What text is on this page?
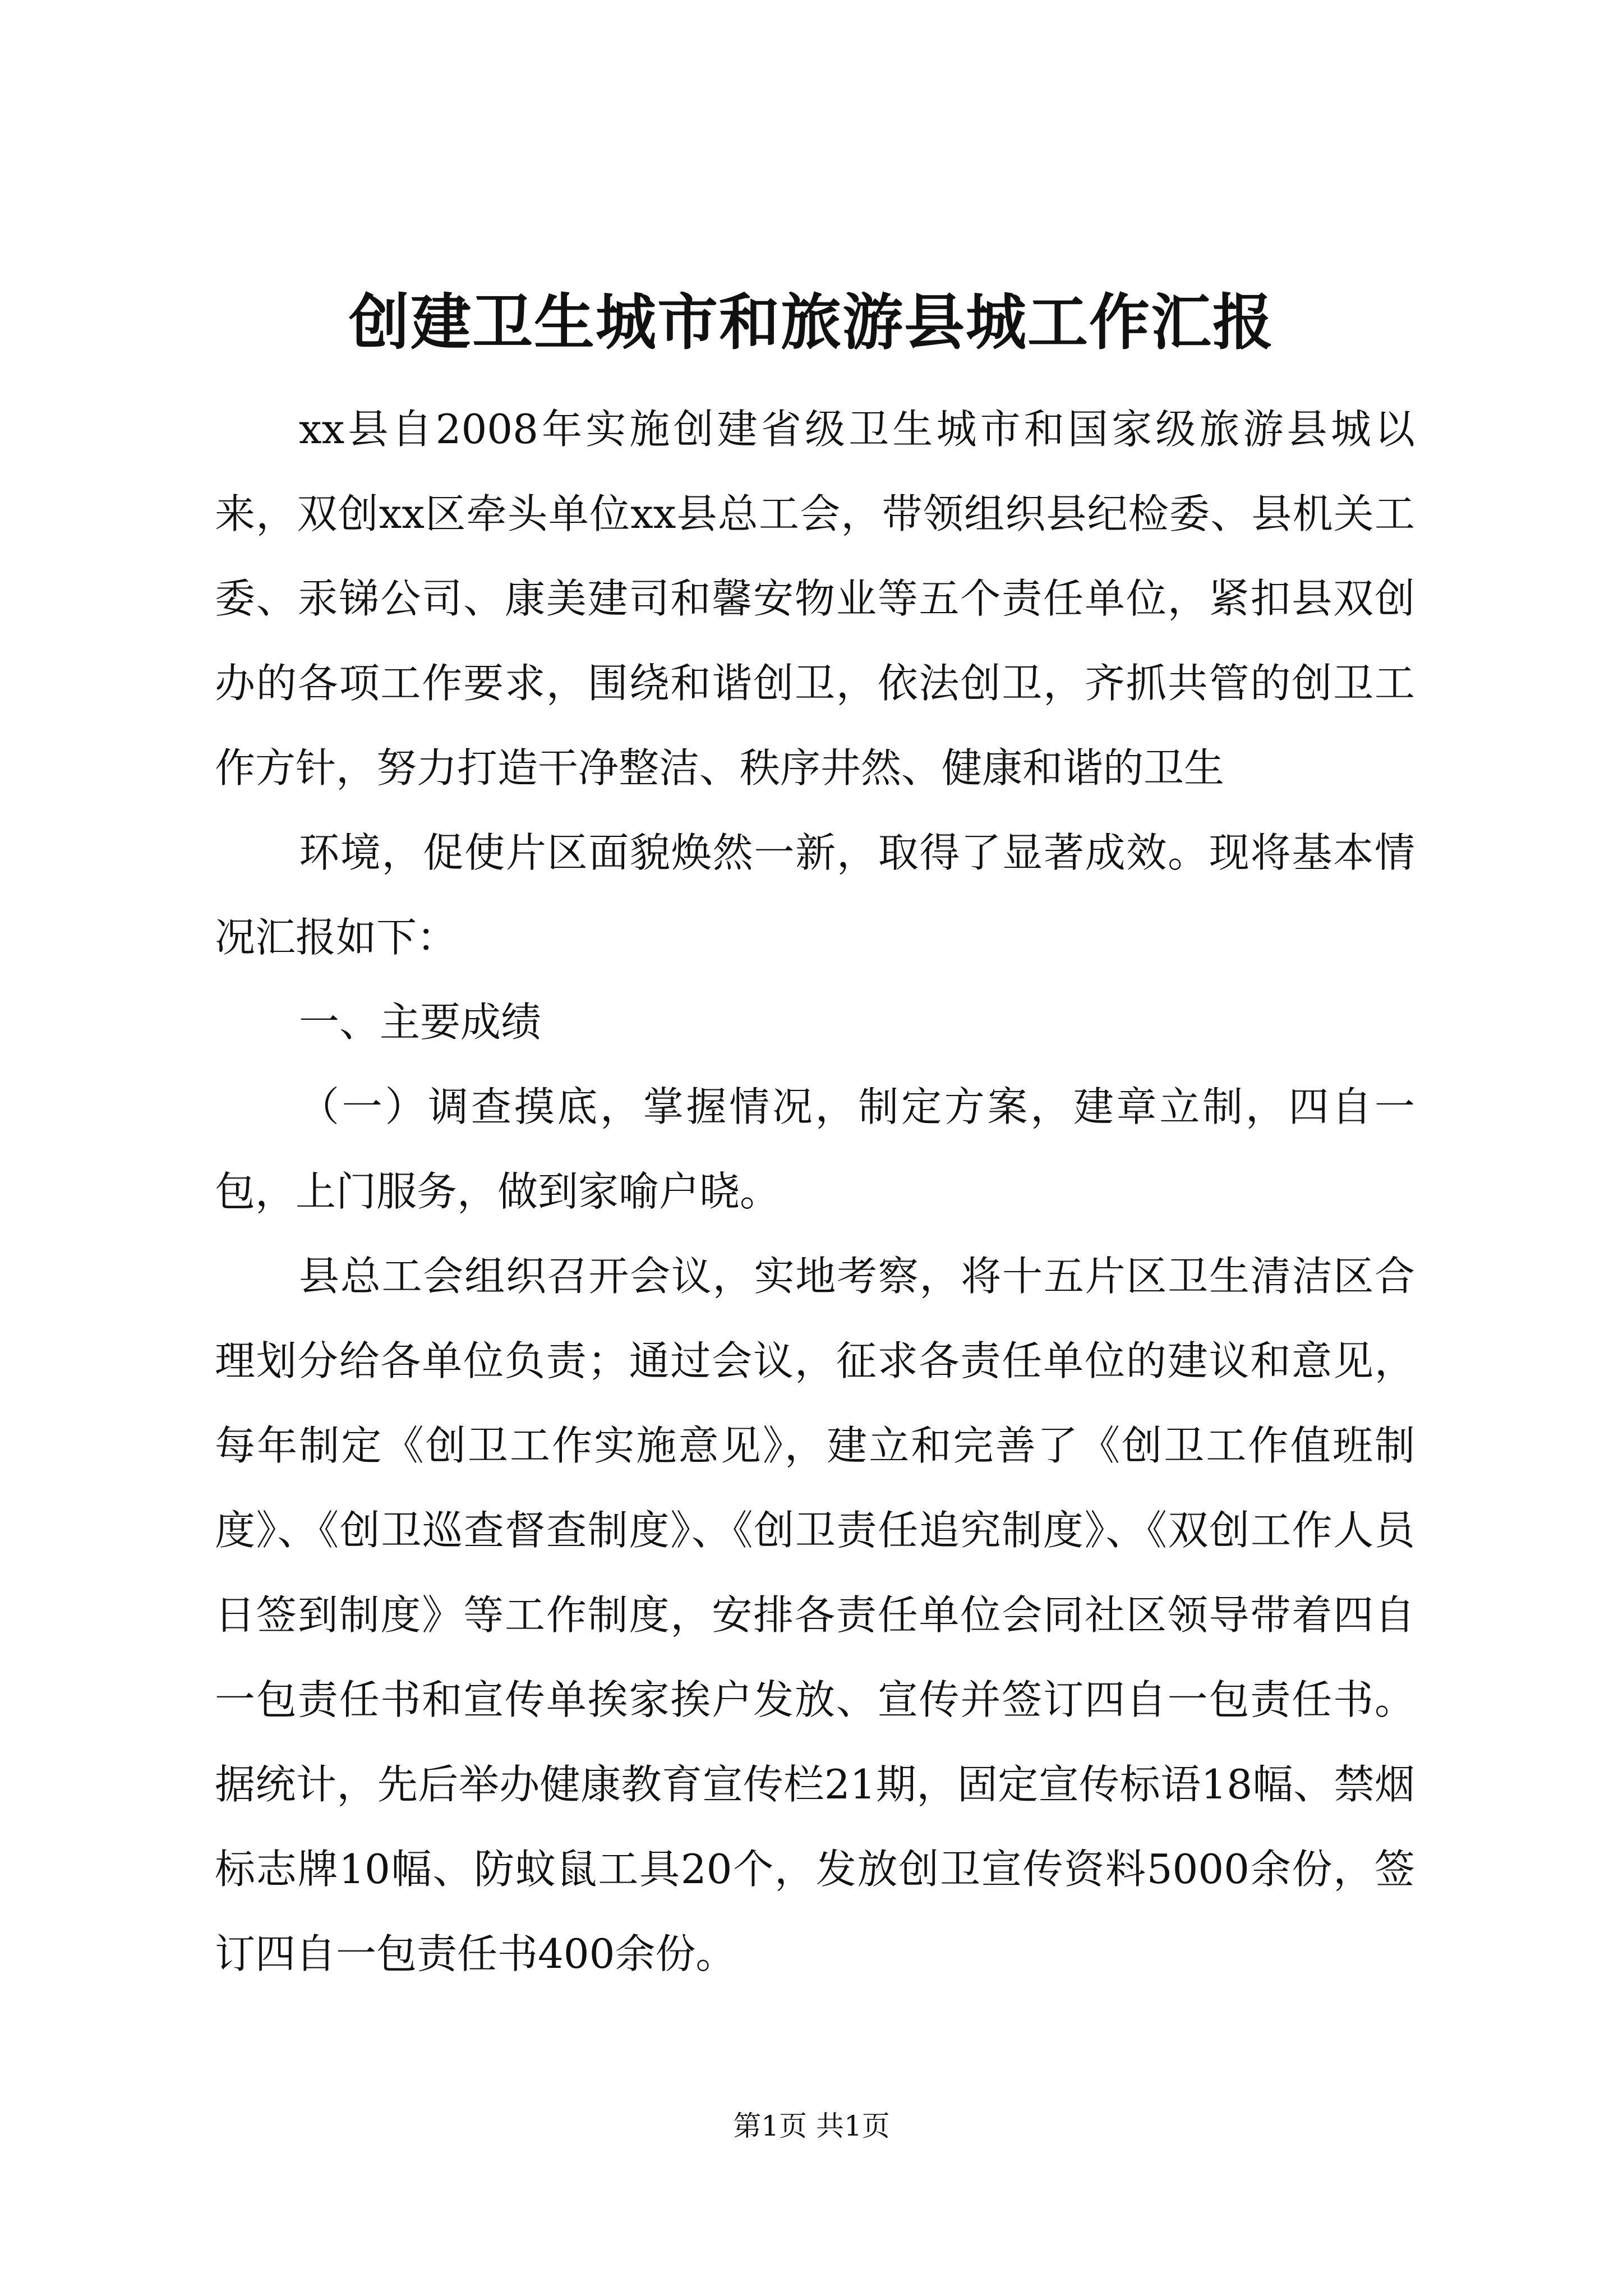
创建卫生城市和旅游县城工作汇报

xx县自2008年实施创建省级卫生城市和国家级旅游县城以来，双创xx区牵头单位xx县总工会，带领组织县纪检委、县机关工委、汞锑公司、康美建司和馨安物业等五个责任单位，紧扣县双创办的各项工作要求，围绕和谐创卫，依法创卫，齐抓共管的创卫工作方针，努力打造干净整洁、秩序井然、健康和谐的卫生

环境，促使片区面貌焕然一新，取得了显著成效。现将基本情况汇报如下：

一、主要成绩

（一）调查摸底，掌握情况，制定方案，建章立制，四自一包，上门服务，做到家喻户晓。

县总工会组织召开会议，实地考察，将十五片区卫生清洁区合理划分给各单位负责；通过会议，征求各责任单位的建议和意见，每年制定《创卫工作实施意见》，建立和完善了《创卫工作值班制度》、《创卫巡查督查制度》、《创卫责任追究制度》、《双创工作人员日签到制度》等工作制度，安排各责任单位会同社区领导带着四自一包责任书和宣传单挨家挨户发放、宣传并签订四自一包责任书。据统计，先后举办健康教育宣传栏21期，固定宣传标语18幅、禁烟标志牌10幅、防蚊鼠工具20个，发放创卫宣传资料5000余份，签订四自一包责任书400余份。

第1页 共1页
